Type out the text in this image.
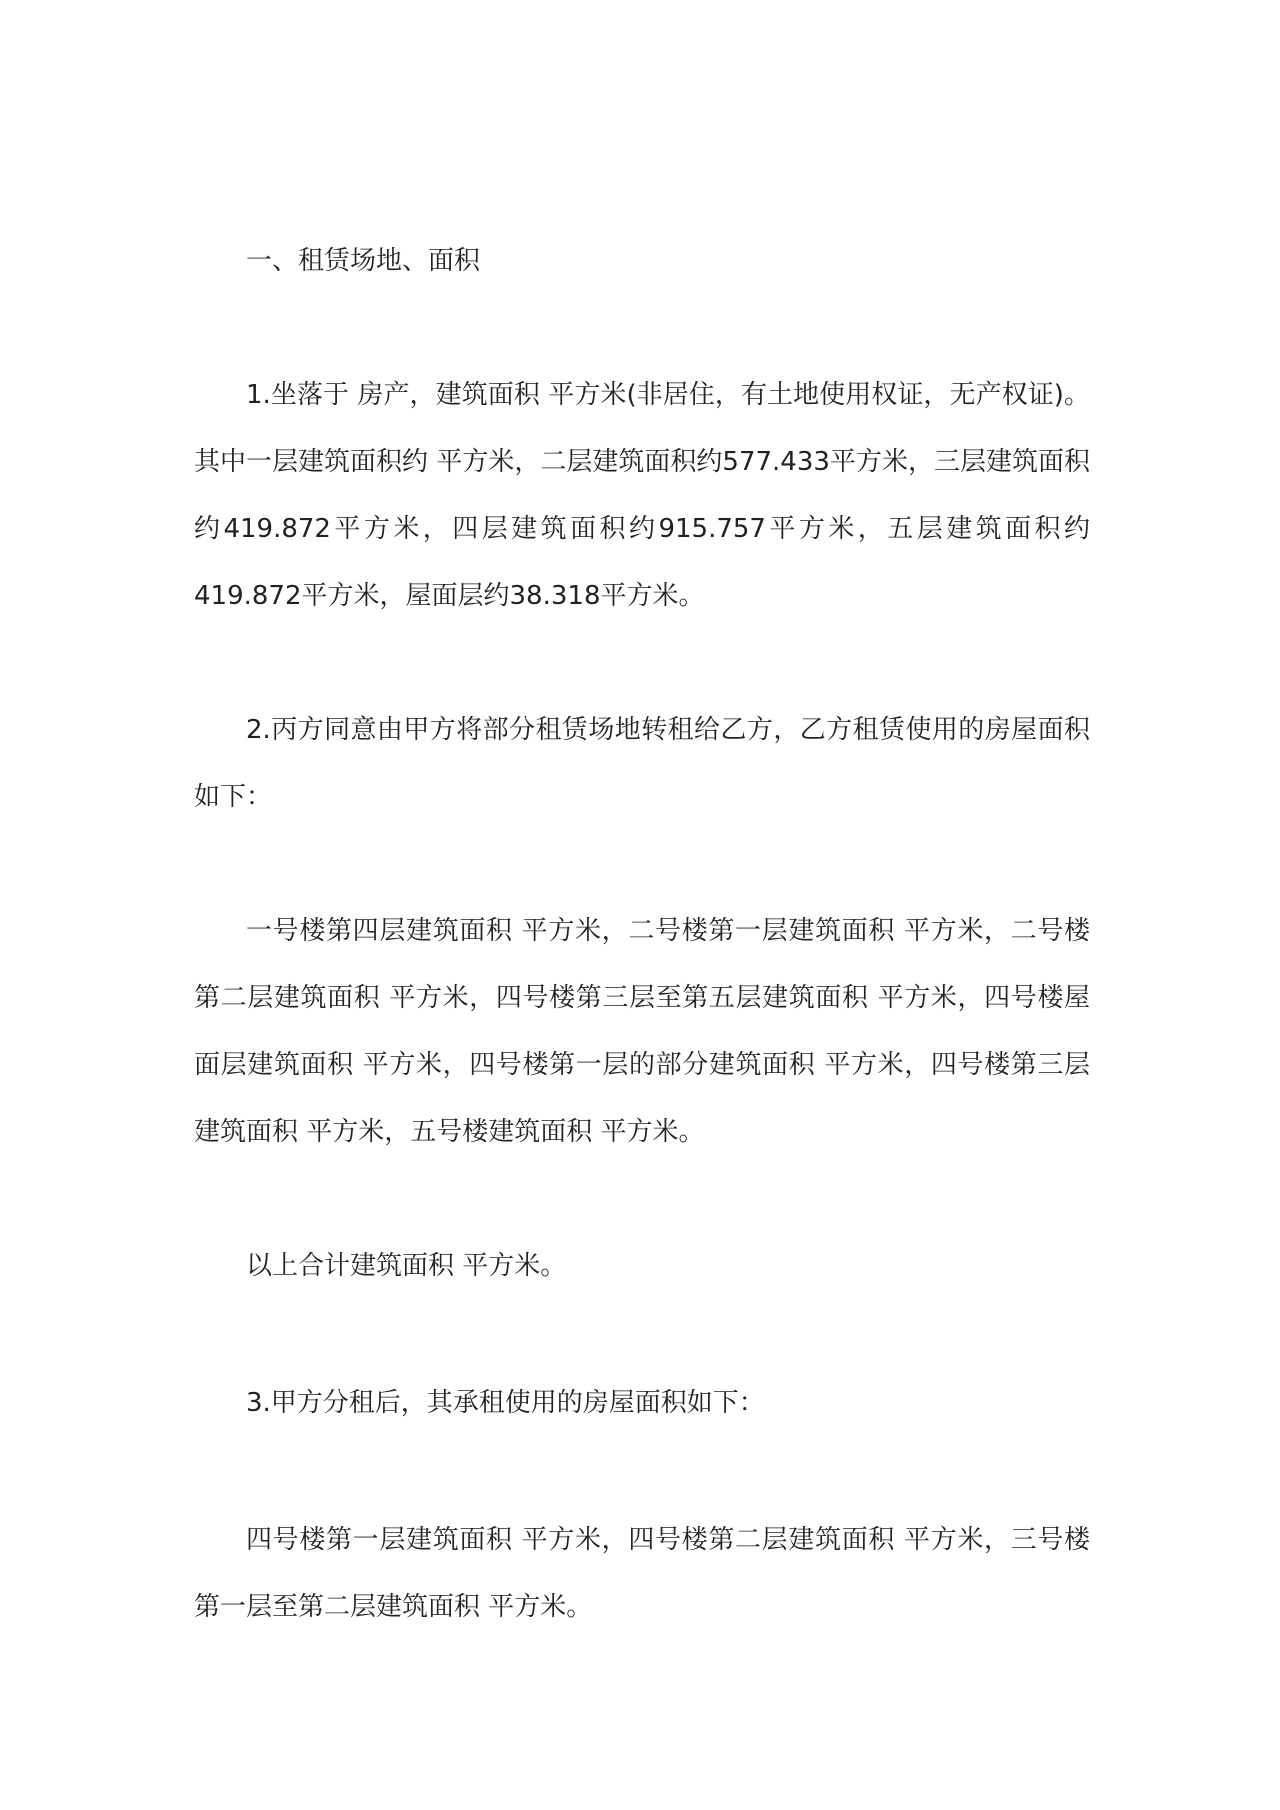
一、租赁场地、面积

1.坐落于 房产，建筑面积 平方米(非居住，有土地使用权证，无产权证)。其中一层建筑面积约 平方米，二层建筑面积约577.433平方米，三层建筑面积约419.872平方米，四层建筑面积约915.757平方米，五层建筑面积约419.872平方米，屋面层约38.318平方米。

2.丙方同意由甲方将部分租赁场地转租给乙方，乙方租赁使用的房屋面积如下：

一号楼第四层建筑面积 平方米，二号楼第一层建筑面积 平方米，二号楼第二层建筑面积 平方米，四号楼第三层至第五层建筑面积 平方米，四号楼屋面层建筑面积 平方米，四号楼第一层的部分建筑面积 平方米，四号楼第三层建筑面积 平方米，五号楼建筑面积 平方米。

以上合计建筑面积 平方米。

3.甲方分租后，其承租使用的房屋面积如下：

四号楼第一层建筑面积 平方米，四号楼第二层建筑面积 平方米，三号楼第一层至第二层建筑面积 平方米。
